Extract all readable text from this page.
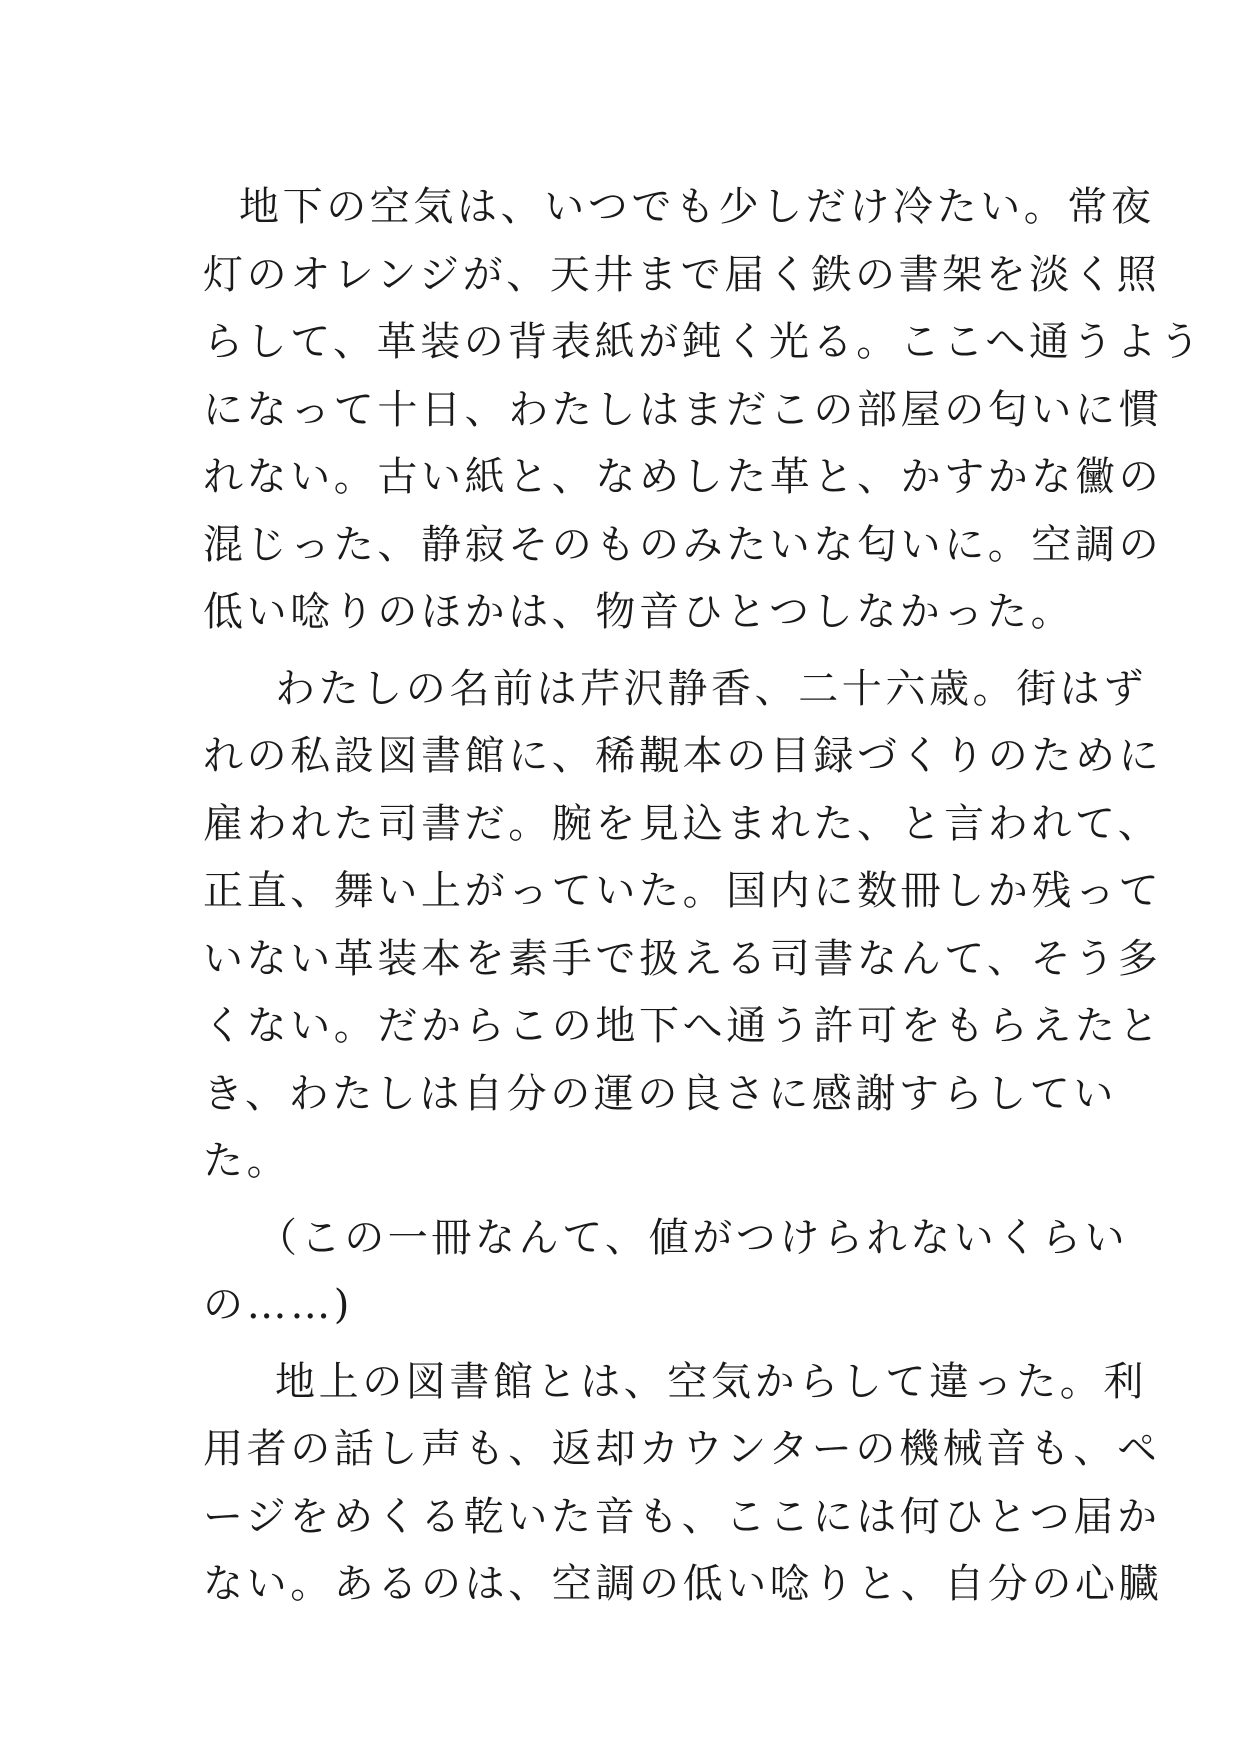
地下の空気は、いつでも少しだけ冷たい。常夜
灯のオレンジが、天井まで届く鉄の書架を淡く照
らして、革装の背表紙が鈍く光る。ここへ通うよう
になって十日、わたしはまだこの部屋の匂いに慣
れない。古い紙と、なめした革と、かすかな黴の
混じった、静寂そのものみたいな匂いに。空調の
低い唸りのほかは、物音ひとつしなかった。
わたしの名前は芹沢静香、二十六歳。街はず
れの私設図書館に、稀覯本の目録づくりのために
雇われた司書だ。腕を見込まれた、と言われて、
正直、舞い上がっていた。国内に数冊しか残って
いない革装本を素手で扱える司書なんて、そう多
くない。だからこの地下へ通う許可をもらえたと
き、わたしは自分の運の良さに感謝すらしてい
た。
（この一冊なんて、値がつけられないくらい
の……)
地上の図書館とは、空気からして違った。利
用者の話し声も、返却カウンターの機械音も、ペ
ージをめくる乾いた音も、ここには何ひとつ届か
ない。あるのは、空調の低い唸りと、自分の心臓
